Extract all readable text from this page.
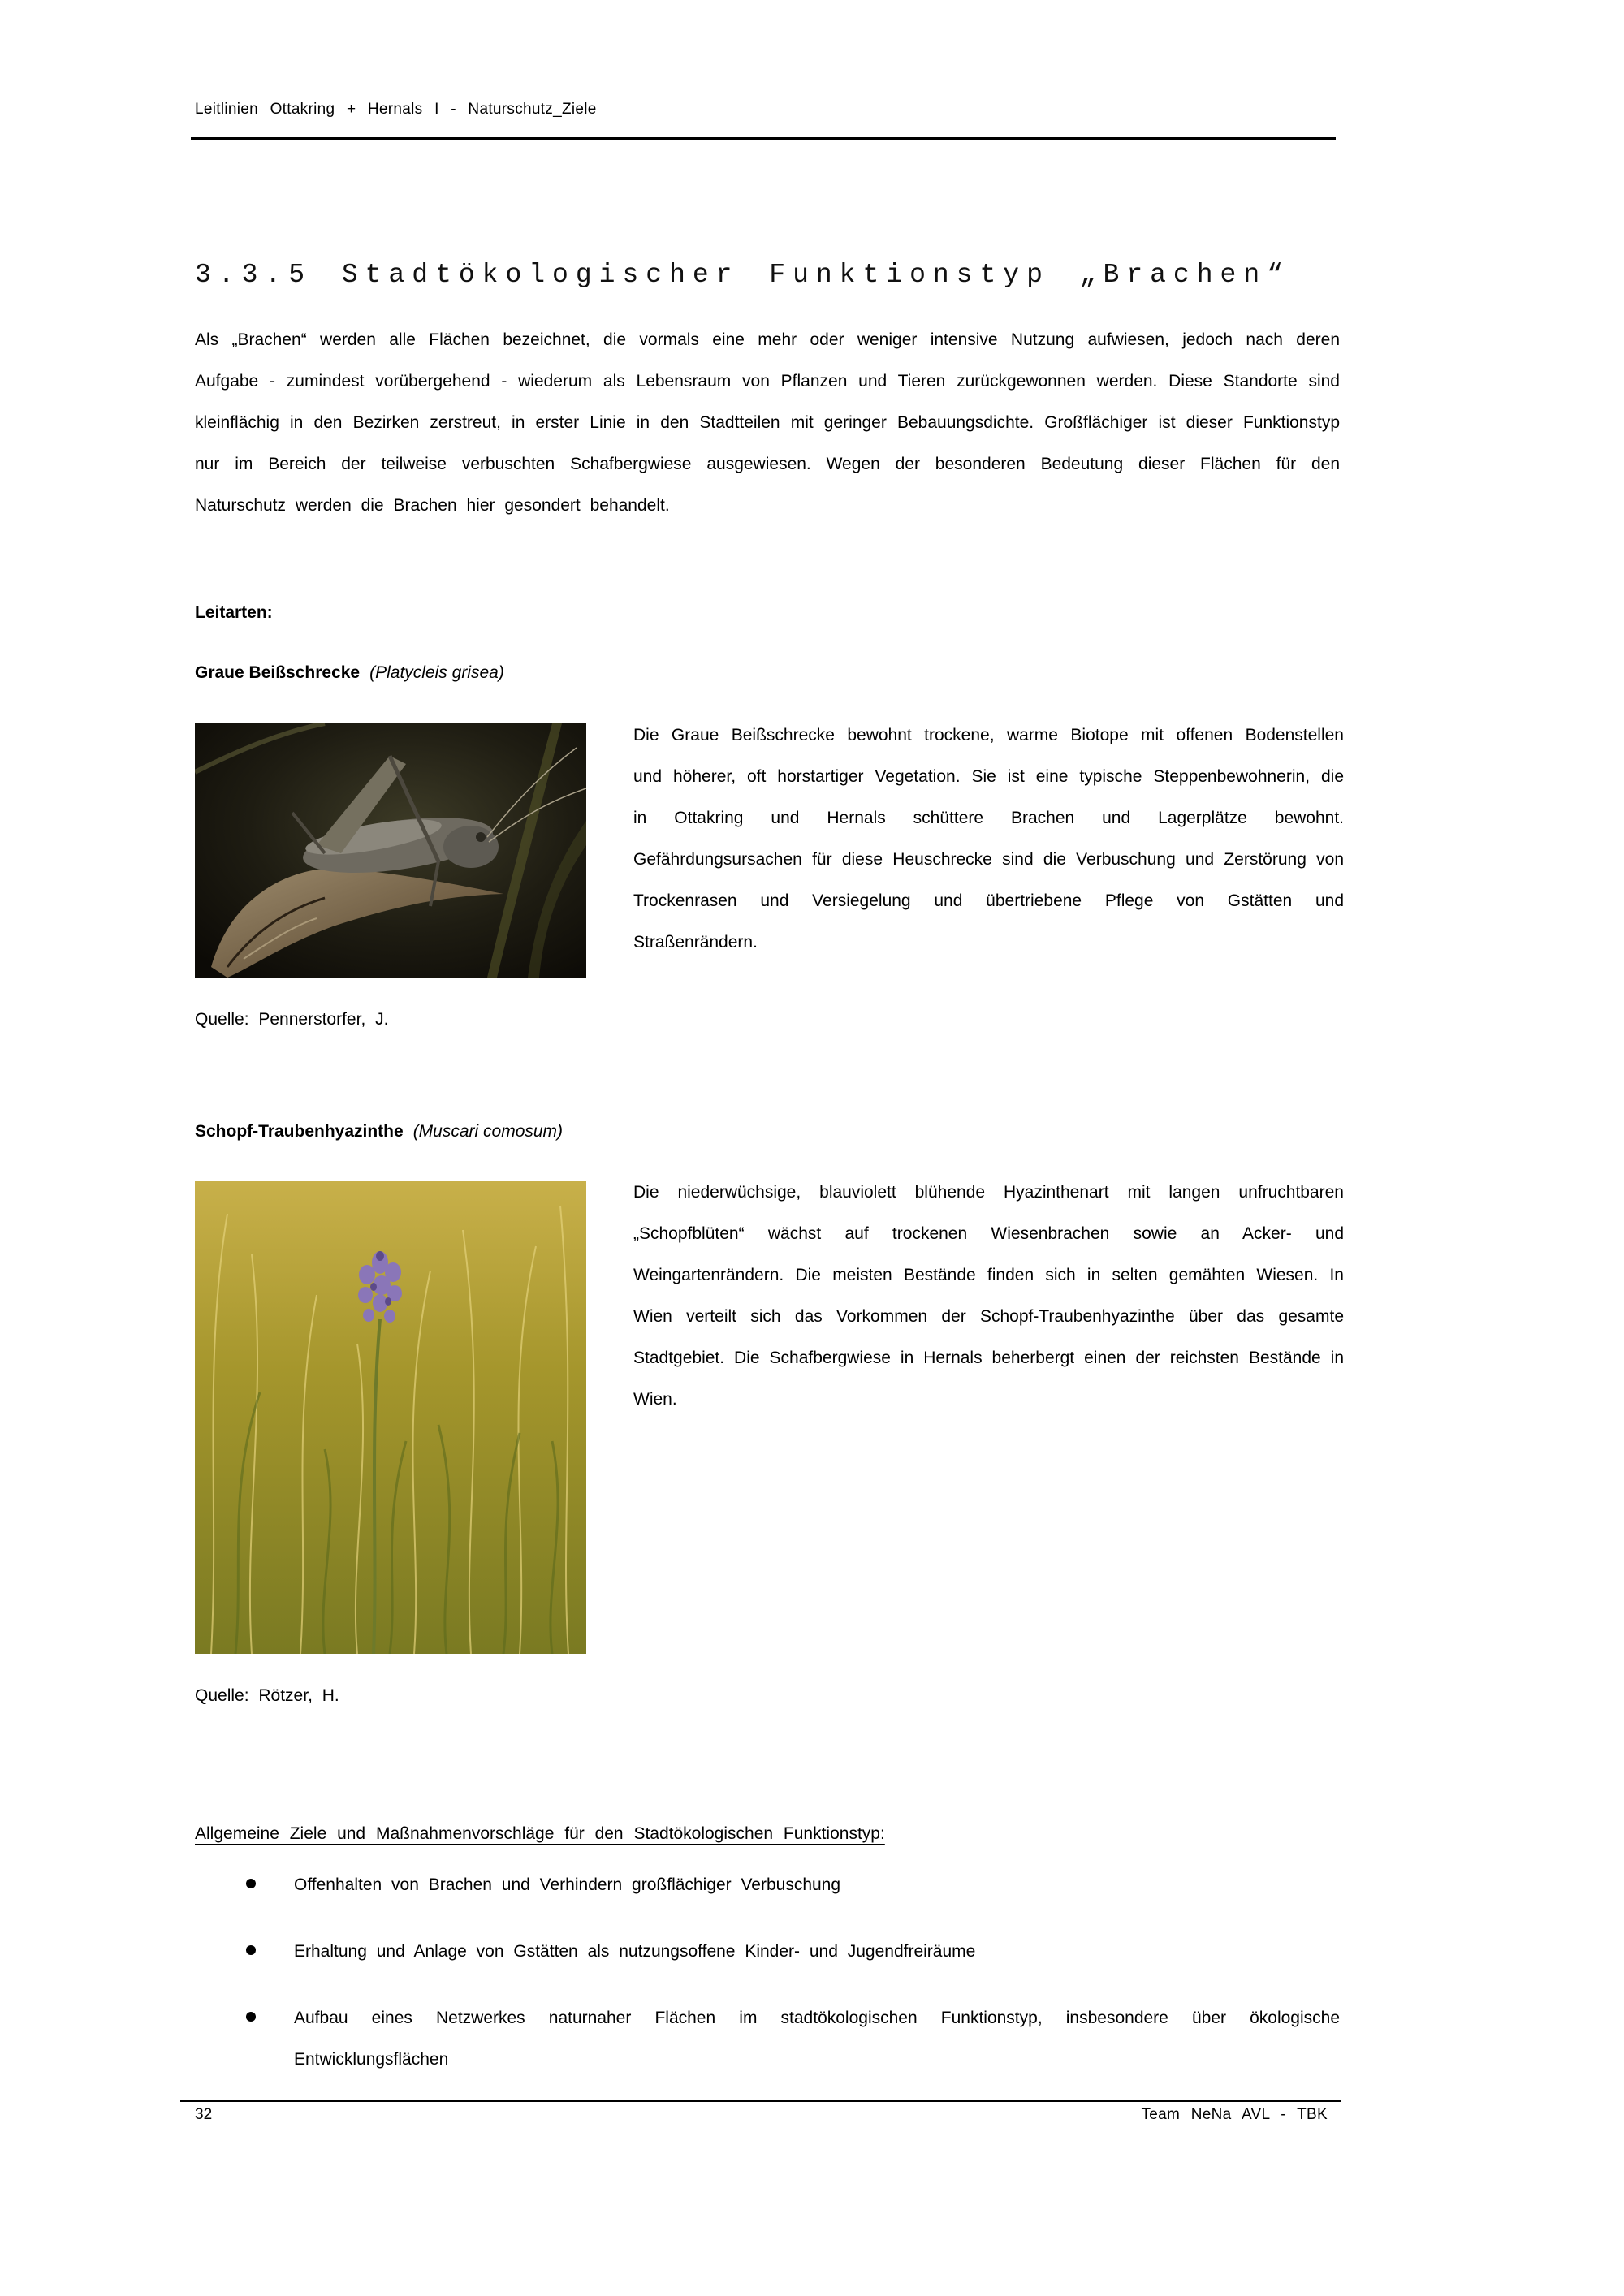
Leitlinien Ottakring + Hernals I - Naturschutz_Ziele
3.3.5 Stadtökologischer Funktionstyp „Brachen“

Als „Brachen“ werden alle Flächen bezeichnet, die vormals eine mehr oder weniger intensive Nutzung aufwiesen, jedoch nach deren Aufgabe - zumindest vorübergehend - wiederum als Lebensraum von Pflanzen und Tieren zurückgewonnen werden. Diese Standorte sind kleinflächig in den Bezirken zerstreut, in erster Linie in den Stadtteilen mit geringer Bebauungsdichte. Großflächiger ist dieser Funktionstyp nur im Bereich der teilweise verbuschten Schafbergwiese ausgewiesen. Wegen der besonderen Bedeutung dieser Flächen für den Naturschutz werden die Brachen hier gesondert behandelt.

Leitarten:
Graue Beißschrecke (Platycleis grisea)

Die Graue Beißschrecke bewohnt trockene, warme Biotope mit offenen Bodenstellen und höherer, oft horstartiger Vegetation. Sie ist eine typische Steppenbewohnerin, die in Ottakring und Hernals schüttere Brachen und Lagerplätze bewohnt. Gefährdungsursachen für diese Heuschrecke sind die Verbuschung und Zerstörung von Trockenrasen und Versiegelung und übertriebene Pflege von Gstätten und Straßenrändern.

Quelle: Pennerstorfer, J.
Schopf-Traubenhyazinthe (Muscari comosum)

Die niederwüchsige, blauviolett blühende Hyazinthenart mit langen unfruchtbaren „Schopfblüten“ wächst auf trockenen Wiesenbrachen sowie an Acker- und Weingartenrändern. Die meisten Bestände finden sich in selten gemähten Wiesen. In Wien verteilt sich das Vorkommen der Schopf-Traubenhyazinthe über das gesamte Stadtgebiet. Die Schafbergwiese in Hernals beherbergt einen der reichsten Bestände in Wien.

Quelle: Rötzer, H.
Allgemeine Ziele und Maßnahmenvorschläge für den Stadtökologischen Funktionstyp:
Offenhalten von Brachen und Verhindern großflächiger Verbuschung
Erhaltung und Anlage von Gstätten als nutzungsoffene Kinder- und Jugendfreiräume
Aufbau eines Netzwerkes naturnaher Flächen im stadtökologischen Funktionstyp, insbesondere über ökologische Entwicklungsflächen
32	Team NeNa AVL - TBK
